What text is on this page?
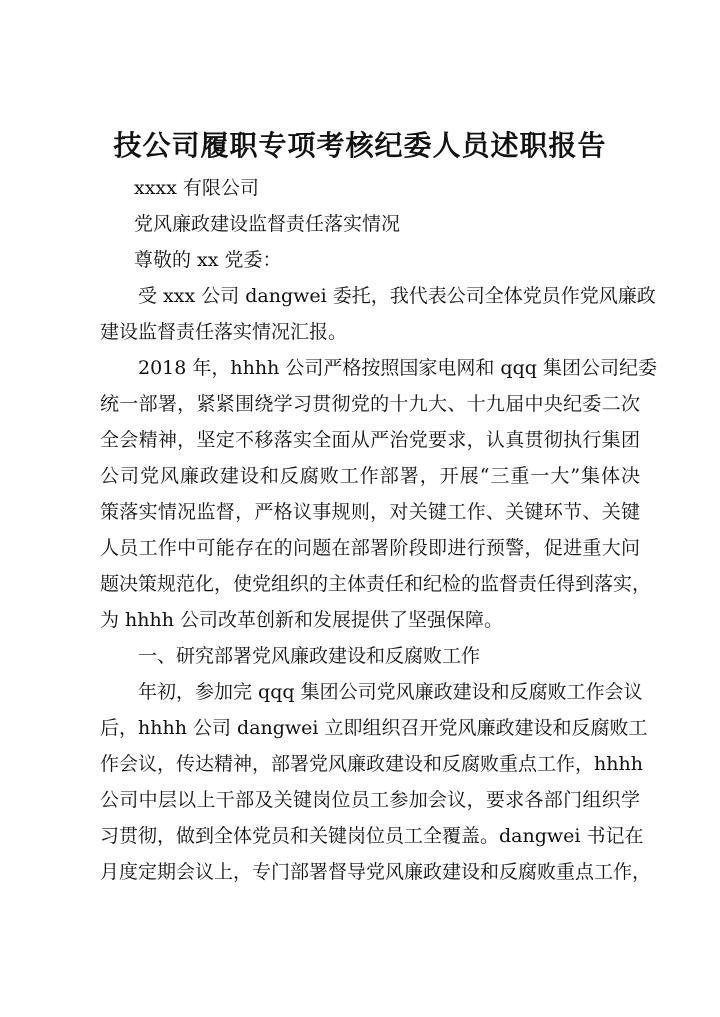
技公司履职专项考核纪委人员述职报告
xxxx 有限公司
党风廉政建设监督责任落实情况
尊敬的 xx 党委：
　　受 xxx 公司 dangwei 委托，我代表公司全体党员作党风廉政
建设监督责任落实情况汇报。
　　2018 年，hhhh 公司严格按照国家电网和 qqq 集团公司纪委
统一部署，紧紧围绕学习贯彻党的十九大、十九届中央纪委二次
全会精神，坚定不移落实全面从严治党要求，认真贯彻执行集团
公司党风廉政建设和反腐败工作部署，开展“三重一大”集体决
策落实情况监督，严格议事规则，对关键工作、关键环节、关键
人员工作中可能存在的问题在部署阶段即进行预警，促进重大问
题决策规范化，使党组织的主体责任和纪检的监督责任得到落实，
为 hhhh 公司改革创新和发展提供了坚强保障。
　　一、研究部署党风廉政建设和反腐败工作
　　年初，参加完 qqq 集团公司党风廉政建设和反腐败工作会议
后，hhhh 公司 dangwei 立即组织召开党风廉政建设和反腐败工
作会议，传达精神，部署党风廉政建设和反腐败重点工作，hhhh
公司中层以上干部及关键岗位员工参加会议，要求各部门组织学
习贯彻，做到全体党员和关键岗位员工全覆盖。dangwei 书记在
月度定期会议上，专门部署督导党风廉政建设和反腐败重点工作，
